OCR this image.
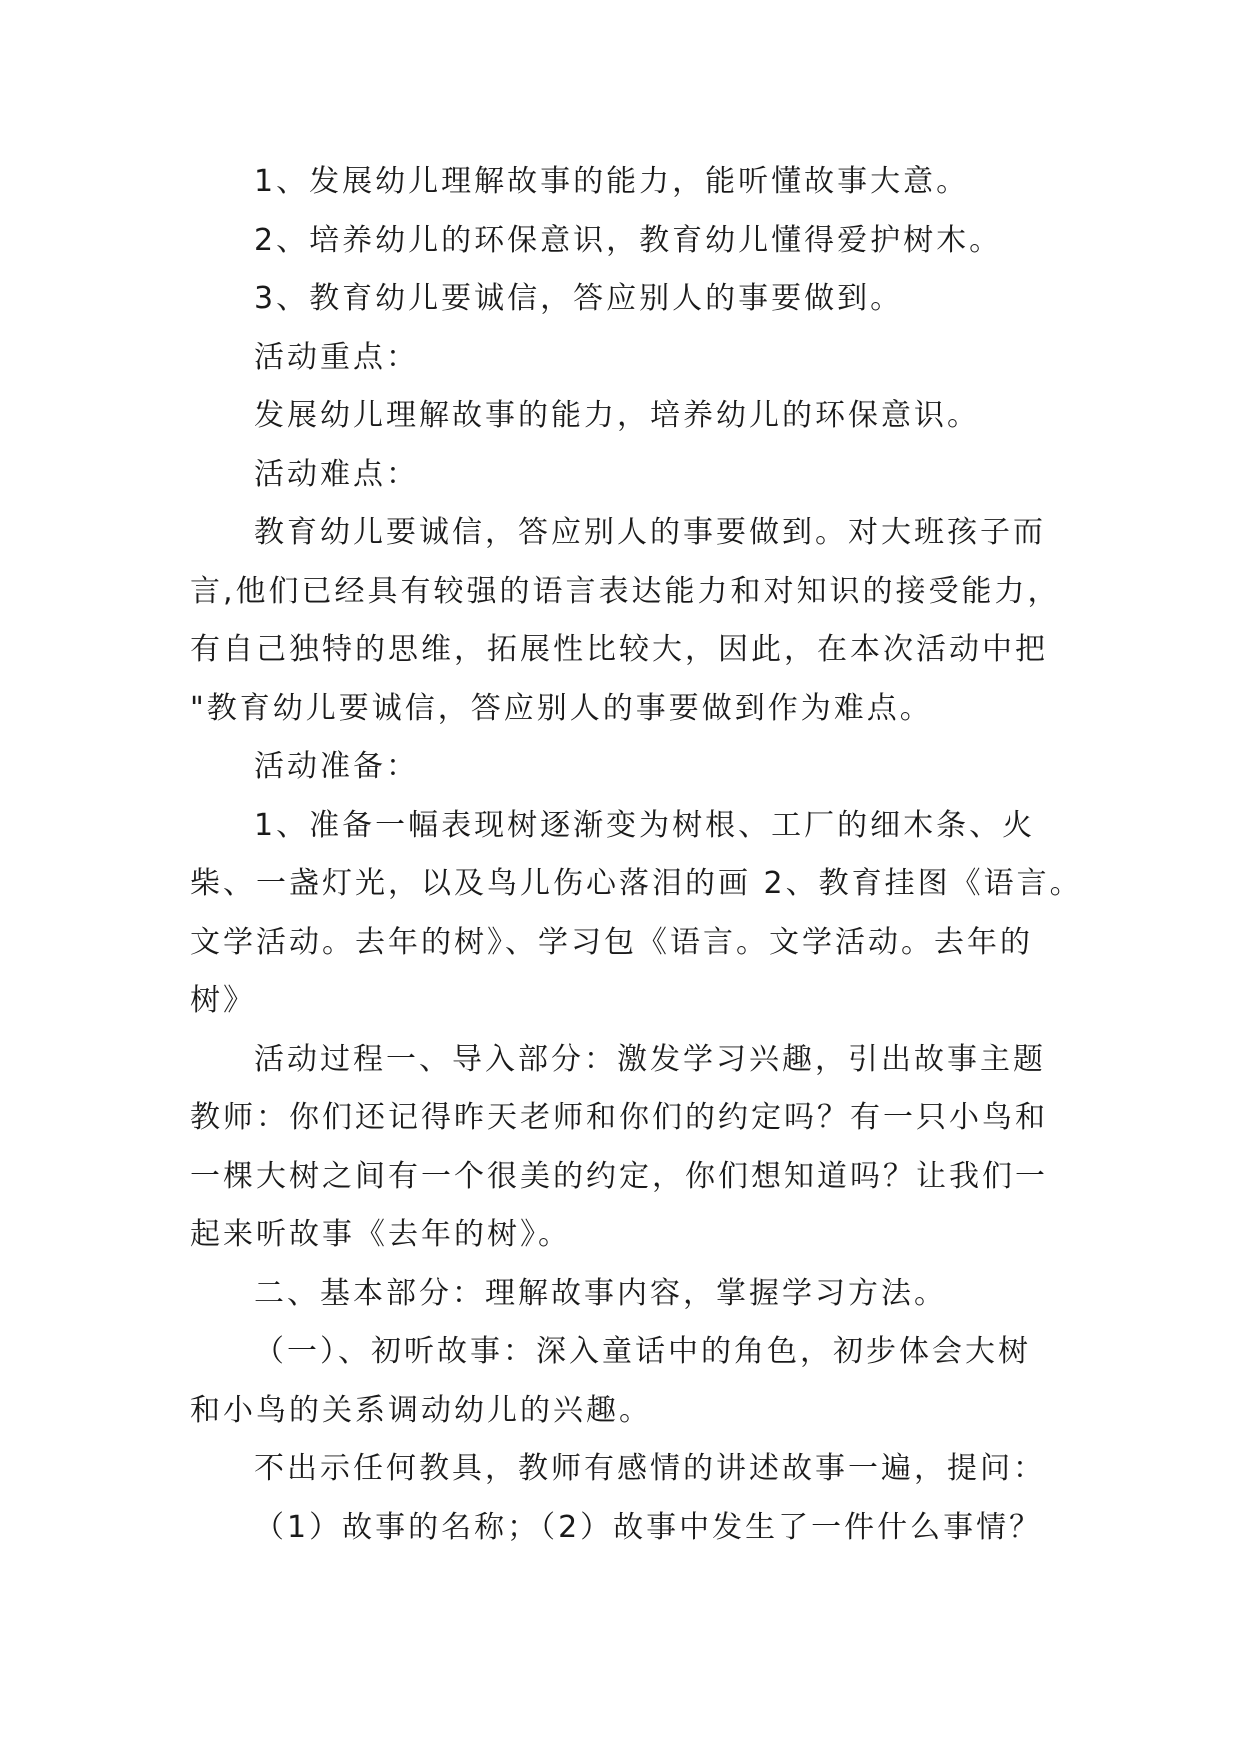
1、发展幼儿理解故事的能力，能听懂故事大意。

2、培养幼儿的环保意识，教育幼儿懂得爱护树木。

3、教育幼儿要诚信，答应别人的事要做到。

活动重点：

发展幼儿理解故事的能力，培养幼儿的环保意识。

活动难点：

教育幼儿要诚信，答应别人的事要做到。对大班孩子而

言,他们已经具有较强的语言表达能力和对知识的接受能力，

有自己独特的思维，拓展性比较大，因此，在本次活动中把

"教育幼儿要诚信，答应别人的事要做到作为难点。

活动准备：

1、准备一幅表现树逐渐变为树根、工厂的细木条、火

柴、一盏灯光，以及鸟儿伤心落泪的画 2、教育挂图《语言。

文学活动。去年的树》、学习包《语言。文学活动。去年的

树》

活动过程一、导入部分：激发学习兴趣，引出故事主题

教师：你们还记得昨天老师和你们的约定吗？有一只小鸟和

一棵大树之间有一个很美的约定，你们想知道吗？让我们一

起来听故事《去年的树》。

二、基本部分：理解故事内容，掌握学习方法。

（一）、初听故事：深入童话中的角色，初步体会大树

和小鸟的关系调动幼儿的兴趣。

不出示任何教具，教师有感情的讲述故事一遍，提问：

（1）故事的名称；（2）故事中发生了一件什么事情？
